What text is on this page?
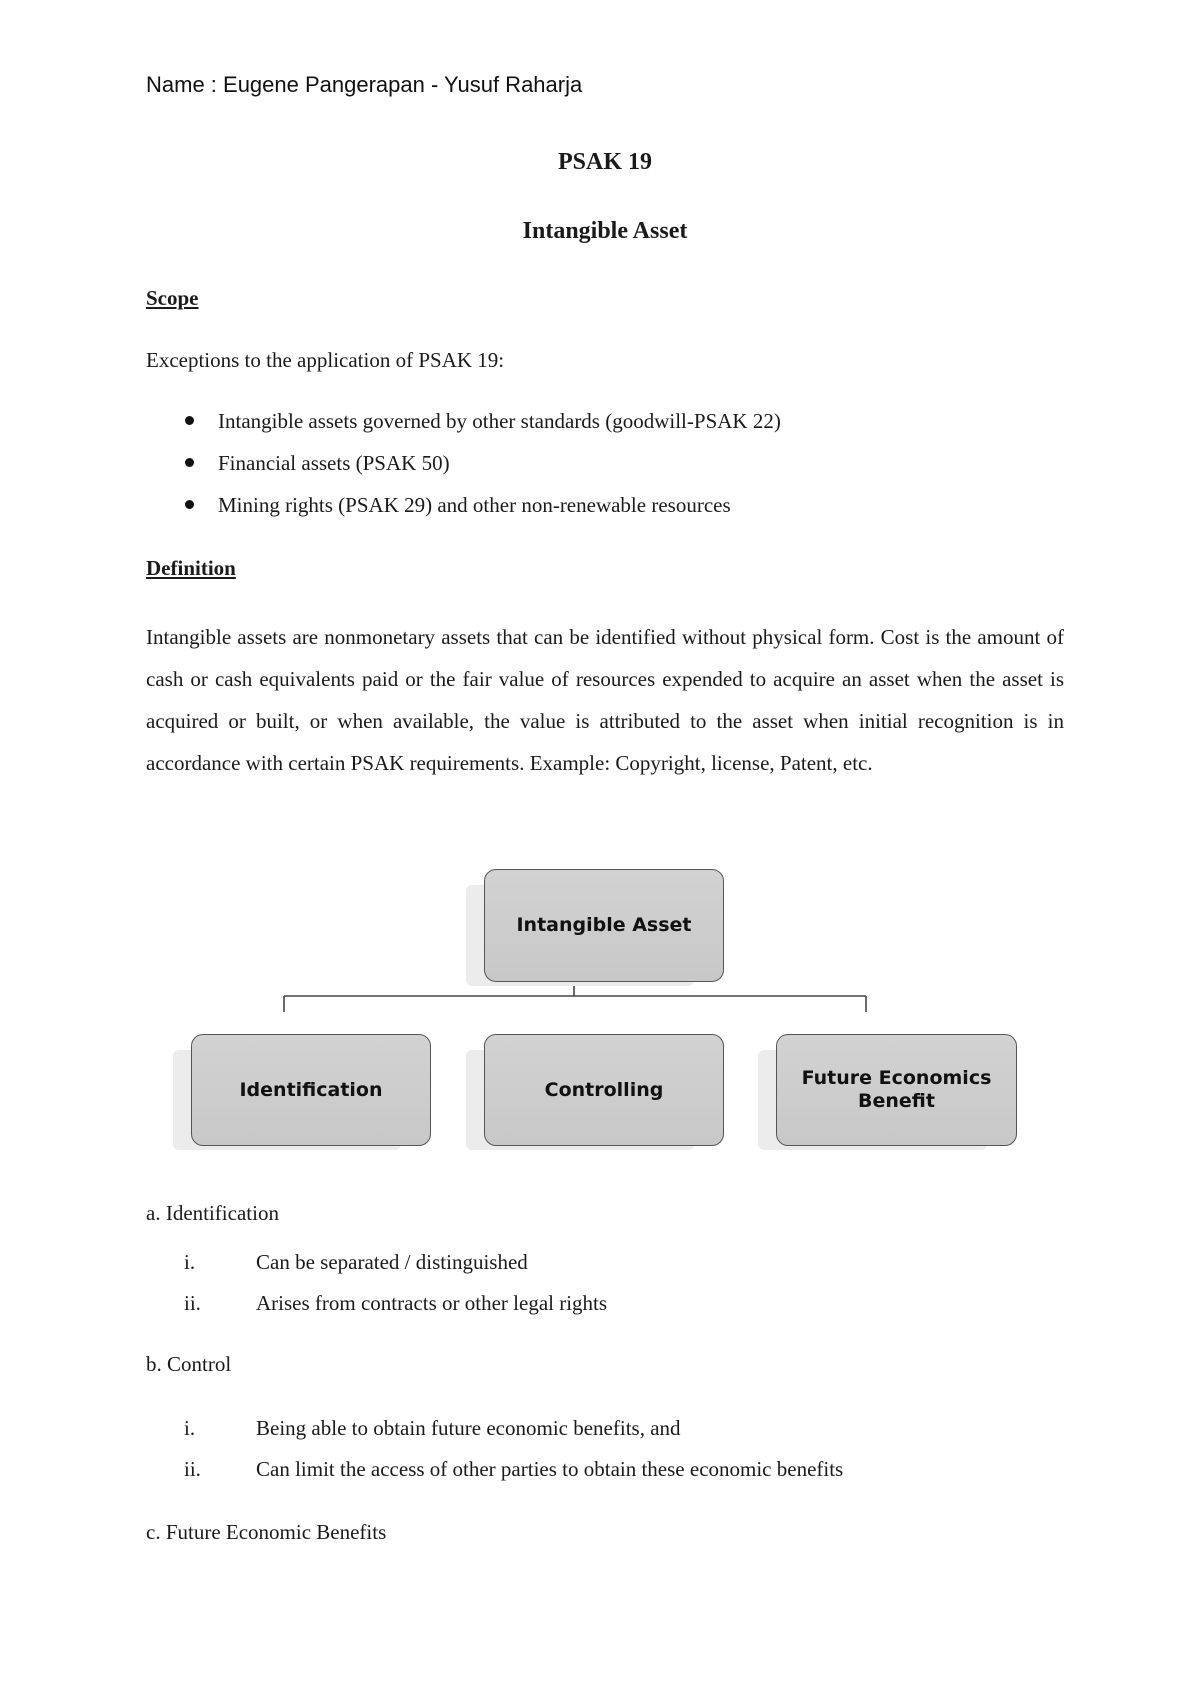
Name : Eugene Pangerapan - Yusuf Raharja
PSAK 19
Intangible Asset
Scope
Exceptions to the application of PSAK 19:
Intangible assets governed by other standards (goodwill-PSAK 22)
Financial assets (PSAK 50)
Mining rights (PSAK 29) and other non-renewable resources
Definition
Intangible assets are nonmonetary assets that can be identified without physical form. Cost is the amount of cash or cash equivalents paid or the fair value of resources expended to acquire an asset when the asset is acquired or built, or when available, the value is attributed to the asset when initial recognition is in accordance with certain PSAK requirements. Example: Copyright, license, Patent, etc.
Intangible Asset
Identification	Controlling
Future Economics Benefit
a. Identification
i.	Can be separated / distinguished
ii.	Arises from contracts or other legal rights
b. Control
i.	Being able to obtain future economic benefits, and
ii.	Can limit the access of other parties to obtain these economic benefits
c. Future Economic Benefits
